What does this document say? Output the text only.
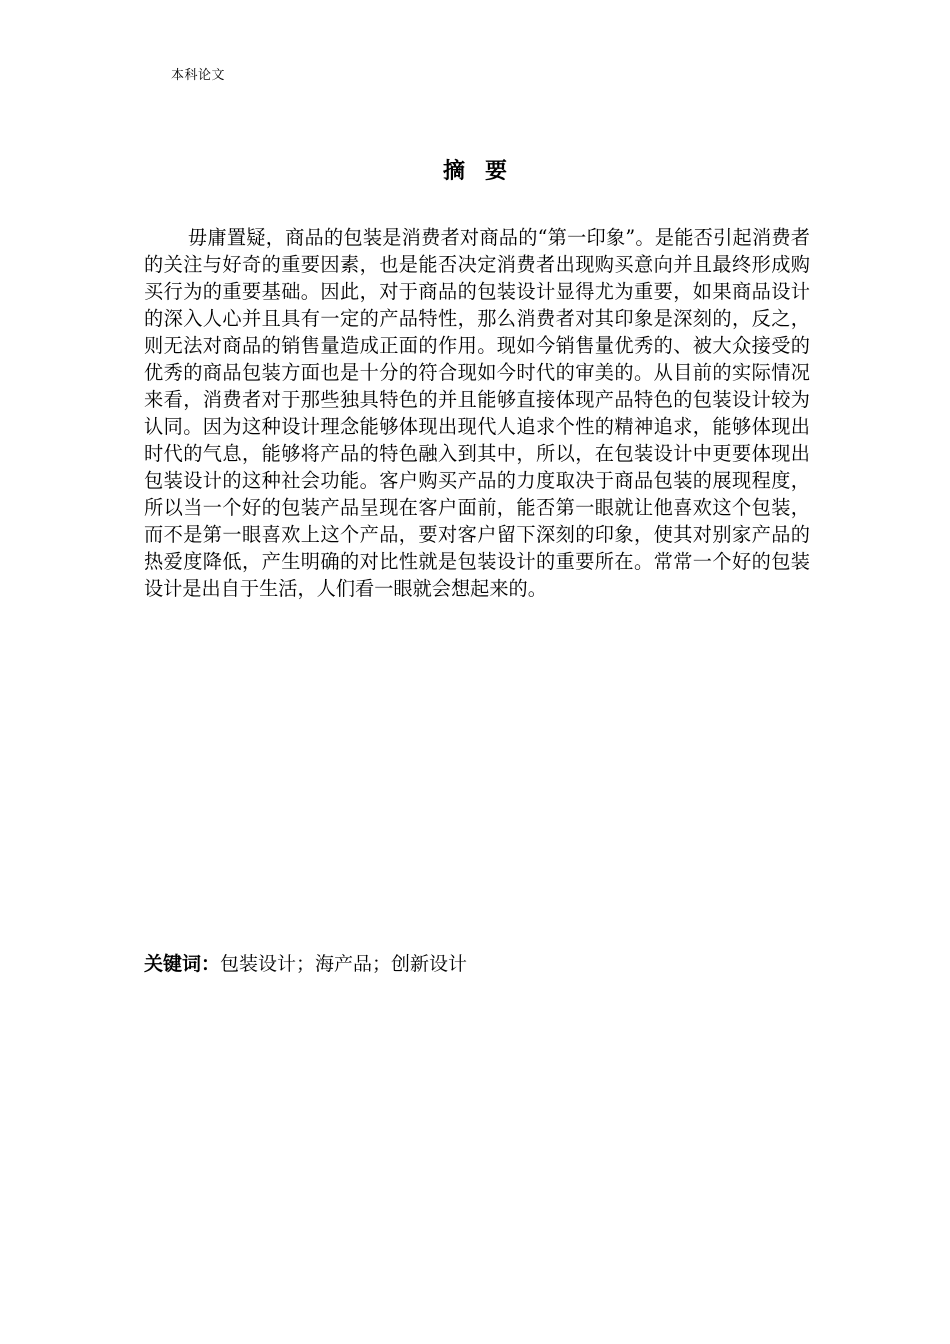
本科论文
摘要

毋庸置疑，商品的包装是消费者对商品的“第一印象”。是能否引起消费者的关注与好奇的重要因素，也是能否决定消费者出现购买意向并且最终形成购买行为的重要基础。因此，对于商品的包装设计显得尤为重要，如果商品设计的深入人心并且具有一定的产品特性，那么消费者对其印象是深刻的，反之，则无法对商品的销售量造成正面的作用。现如今销售量优秀的、被大众接受的优秀的商品包装方面也是十分的符合现如今时代的审美的。从目前的实际情况来看，消费者对于那些独具特色的并且能够直接体现产品特色的包装设计较为认同。因为这种设计理念能够体现出现代人追求个性的精神追求，能够体现出时代的气息，能够将产品的特色融入到其中，所以，在包装设计中更要体现出包装设计的这种社会功能。客户购买产品的力度取决于商品包装的展现程度，所以当一个好的包装产品呈现在客户面前，能否第一眼就让他喜欢这个包装，而不是第一眼喜欢上这个产品，要对客户留下深刻的印象，使其对别家产品的热爱度降低，产生明确的对比性就是包装设计的重要所在。常常一个好的包装设计是出自于生活，人们看一眼就会想起来的。

关键词：包装设计；海产品；创新设计
